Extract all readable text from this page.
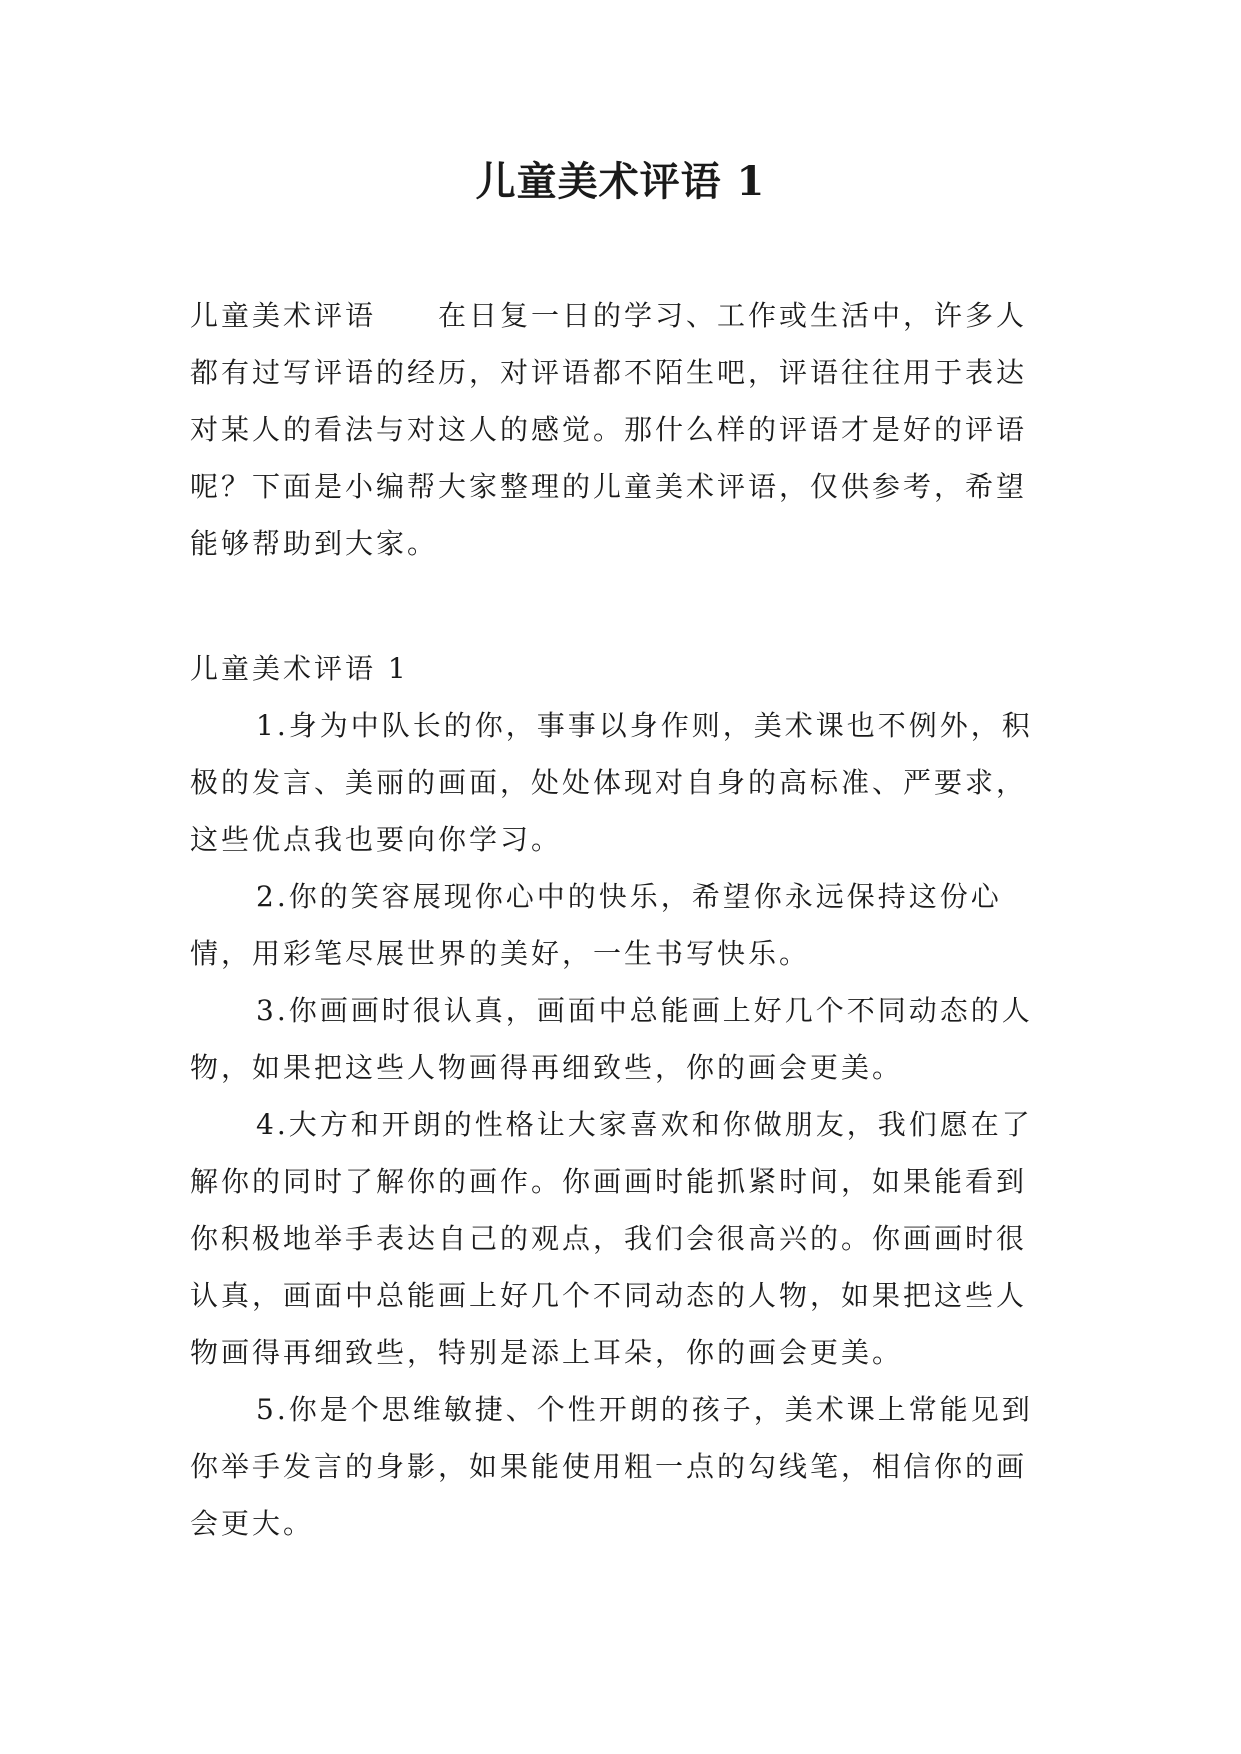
儿童美术评语 1

儿童美术评语　　在日复一日的学习、工作或生活中，许多人都有过写评语的经历，对评语都不陌生吧，评语往往用于表达对某人的看法与对这人的感觉。那什么样的评语才是好的评语呢？下面是小编帮大家整理的儿童美术评语，仅供参考，希望能够帮助到大家。

儿童美术评语 1

1.身为中队长的你，事事以身作则，美术课也不例外，积极的发言、美丽的画面，处处体现对自身的高标准、严要求，这些优点我也要向你学习。

2.你的笑容展现你心中的快乐，希望你永远保持这份心情，用彩笔尽展世界的美好，一生书写快乐。

3.你画画时很认真，画面中总能画上好几个不同动态的人物，如果把这些人物画得再细致些，你的画会更美。

4.大方和开朗的性格让大家喜欢和你做朋友，我们愿在了解你的同时了解你的画作。你画画时能抓紧时间，如果能看到你积极地举手表达自己的观点，我们会很高兴的。你画画时很认真，画面中总能画上好几个不同动态的人物，如果把这些人物画得再细致些，特别是添上耳朵，你的画会更美。

5.你是个思维敏捷、个性开朗的孩子，美术课上常能见到你举手发言的身影，如果能使用粗一点的勾线笔，相信你的画会更大。
